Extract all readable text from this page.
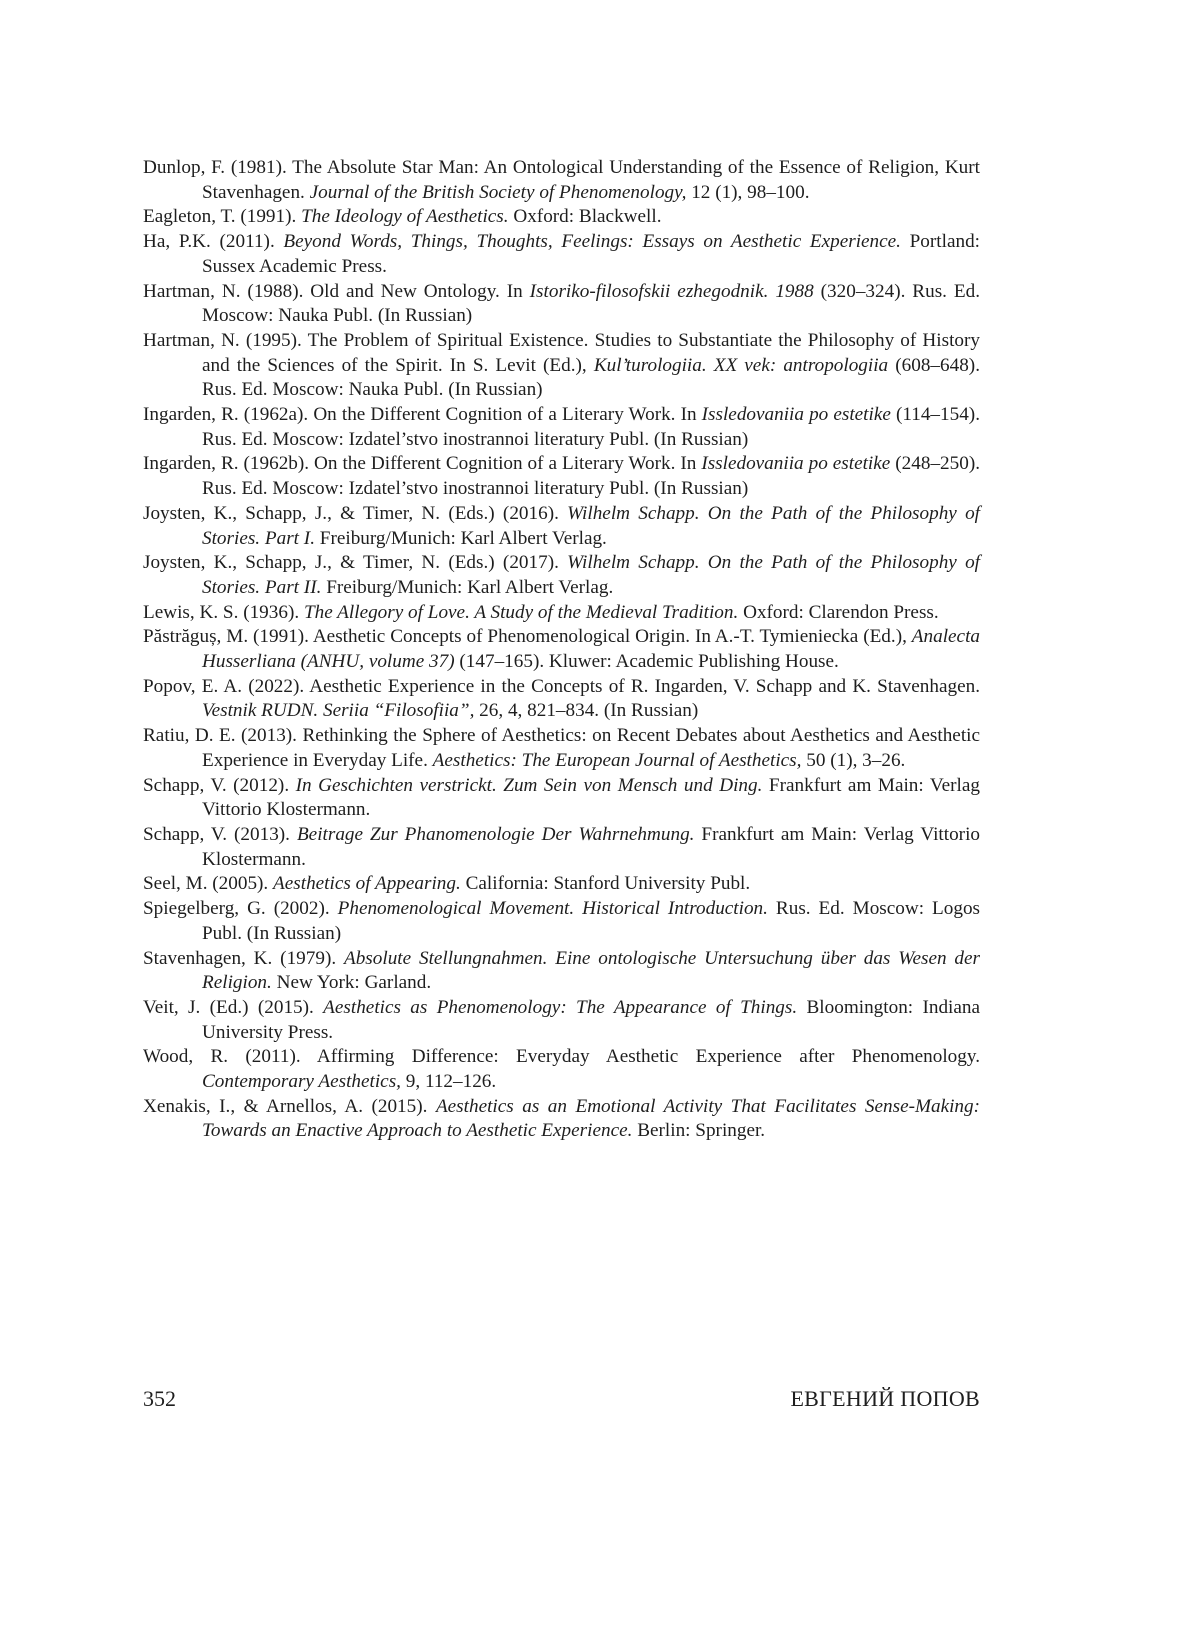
Dunlop, F. (1981). The Absolute Star Man: An Ontological Understanding of the Essence of Religion, Kurt Stavenhagen. Journal of the British Society of Phenomenology, 12 (1), 98–100.
Eagleton, T. (1991). The Ideology of Aesthetics. Oxford: Blackwell.
Ha, P.K. (2011). Beyond Words, Things, Thoughts, Feelings: Essays on Aesthetic Experience. Portland: Sussex Academic Press.
Hartman, N. (1988). Old and New Ontology. In Istoriko-filosofskii ezhegodnik. 1988 (320–324). Rus. Ed. Moscow: Nauka Publ. (In Russian)
Hartman, N. (1995). The Problem of Spiritual Existence. Studies to Substantiate the Philosophy of History and the Sciences of the Spirit. In S. Levit (Ed.), Kul’turologiia. XX vek: antropologiia (608–648). Rus. Ed. Moscow: Nauka Publ. (In Russian)
Ingarden, R. (1962a). On the Different Cognition of a Literary Work. In Issledovaniia po estetike (114–154). Rus. Ed. Moscow: Izdatel’stvo inostrannoi literatury Publ. (In Russian)
Ingarden, R. (1962b). On the Different Cognition of a Literary Work. In Issledovaniia po estetike (248–250). Rus. Ed. Moscow: Izdatel’stvo inostrannoi literatury Publ. (In Russian)
Joysten, K., Schapp, J., & Timer, N. (Eds.) (2016). Wilhelm Schapp. On the Path of the Philosophy of Stories. Part I. Freiburg/Munich: Karl Albert Verlag.
Joysten, K., Schapp, J., & Timer, N. (Eds.) (2017). Wilhelm Schapp. On the Path of the Philosophy of Stories. Part II. Freiburg/Munich: Karl Albert Verlag.
Lewis, K. S. (1936). The Allegory of Love. A Study of the Medieval Tradition. Oxford: Clarendon Press.
Păstrăguș, M. (1991). Aesthetic Concepts of Phenomenological Origin. In A.-T. Tymieniecka (Ed.), Analecta Husserliana (ANHU, volume 37) (147–165). Kluwer: Academic Publishing House.
Popov, E. A. (2022). Aesthetic Experience in the Concepts of R. Ingarden, V. Schapp and K. Stavenhagen. Vestnik RUDN. Seriia “Filosofiia”, 26, 4, 821–834. (In Russian)
Ratiu, D. E. (2013). Rethinking the Sphere of Aesthetics: on Recent Debates about Aesthetics and Aesthetic Experience in Everyday Life. Aesthetics: The European Journal of Aesthetics, 50 (1), 3–26.
Schapp, V. (2012). In Geschichten verstrickt. Zum Sein von Mensch und Ding. Frankfurt am Main: Verlag Vittorio Klostermann.
Schapp, V. (2013). Beitrage Zur Phanomenologie Der Wahrnehmung. Frankfurt am Main: Verlag Vittorio Klostermann.
Seel, M. (2005). Aesthetics of Appearing. California: Stanford University Publ.
Spiegelberg, G. (2002). Phenomenological Movement. Historical Introduction. Rus. Ed. Moscow: Logos Publ. (In Russian)
Stavenhagen, K. (1979). Absolute Stellungnahmen. Eine ontologische Untersuchung über das Wesen der Religion. New York: Garland.
Veit, J. (Ed.) (2015). Aesthetics as Phenomenology: The Appearance of Things. Bloomington: Indiana University Press.
Wood, R. (2011). Affirming Difference: Everyday Aesthetic Experience after Phenomenology. Contemporary Aesthetics, 9, 112–126.
Xenakis, I., & Arnellos, A. (2015). Aesthetics as an Emotional Activity That Facilitates Sense-Making: Towards an Enactive Approach to Aesthetic Experience. Berlin: Springer.
352	ЕВГЕНИЙ ПОПОВ
